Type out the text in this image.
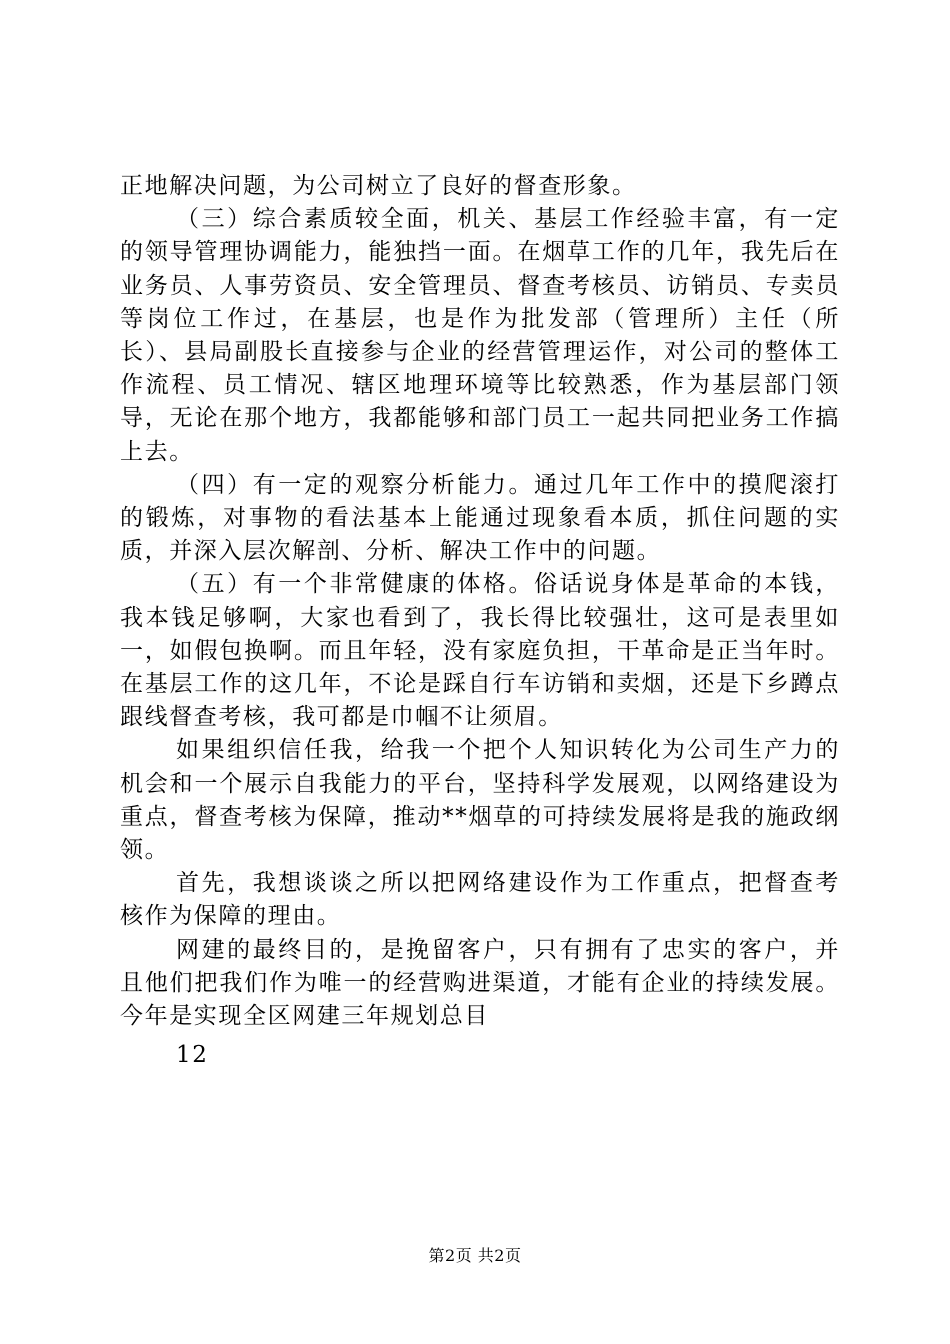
正地解决问题，为公司树立了良好的督查形象。

（三）综合素质较全面，机关、基层工作经验丰富，有一定的领导管理协调能力，能独挡一面。在烟草工作的几年，我先后在业务员、人事劳资员、安全管理员、督查考核员、访销员、专卖员等岗位工作过，在基层，也是作为批发部（管理所）主任（所长）、县局副股长直接参与企业的经营管理运作，对公司的整体工作流程、员工情况、辖区地理环境等比较熟悉，作为基层部门领导，无论在那个地方，我都能够和部门员工一起共同把业务工作搞上去。

（四）有一定的观察分析能力。通过几年工作中的摸爬滚打的锻炼，对事物的看法基本上能通过现象看本质，抓住问题的实质，并深入层次解剖、分析、解决工作中的问题。

（五）有一个非常健康的体格。俗话说身体是革命的本钱，我本钱足够啊，大家也看到了，我长得比较强壮，这可是表里如一，如假包换啊。而且年轻，没有家庭负担，干革命是正当年时。在基层工作的这几年，不论是踩自行车访销和卖烟，还是下乡蹲点跟线督查考核，我可都是巾帼不让须眉。

如果组织信任我，给我一个把个人知识转化为公司生产力的机会和一个展示自我能力的平台，坚持科学发展观，以网络建设为重点，督查考核为保障，推动**烟草的可持续发展将是我的施政纲领。

首先，我想谈谈之所以把网络建设作为工作重点，把督查考核作为保障的理由。

网建的最终目的，是挽留客户，只有拥有了忠实的客户，并且他们把我们作为唯一的经营购进渠道，才能有企业的持续发展。今年是实现全区网建三年规划总目

12

第2页 共2页
